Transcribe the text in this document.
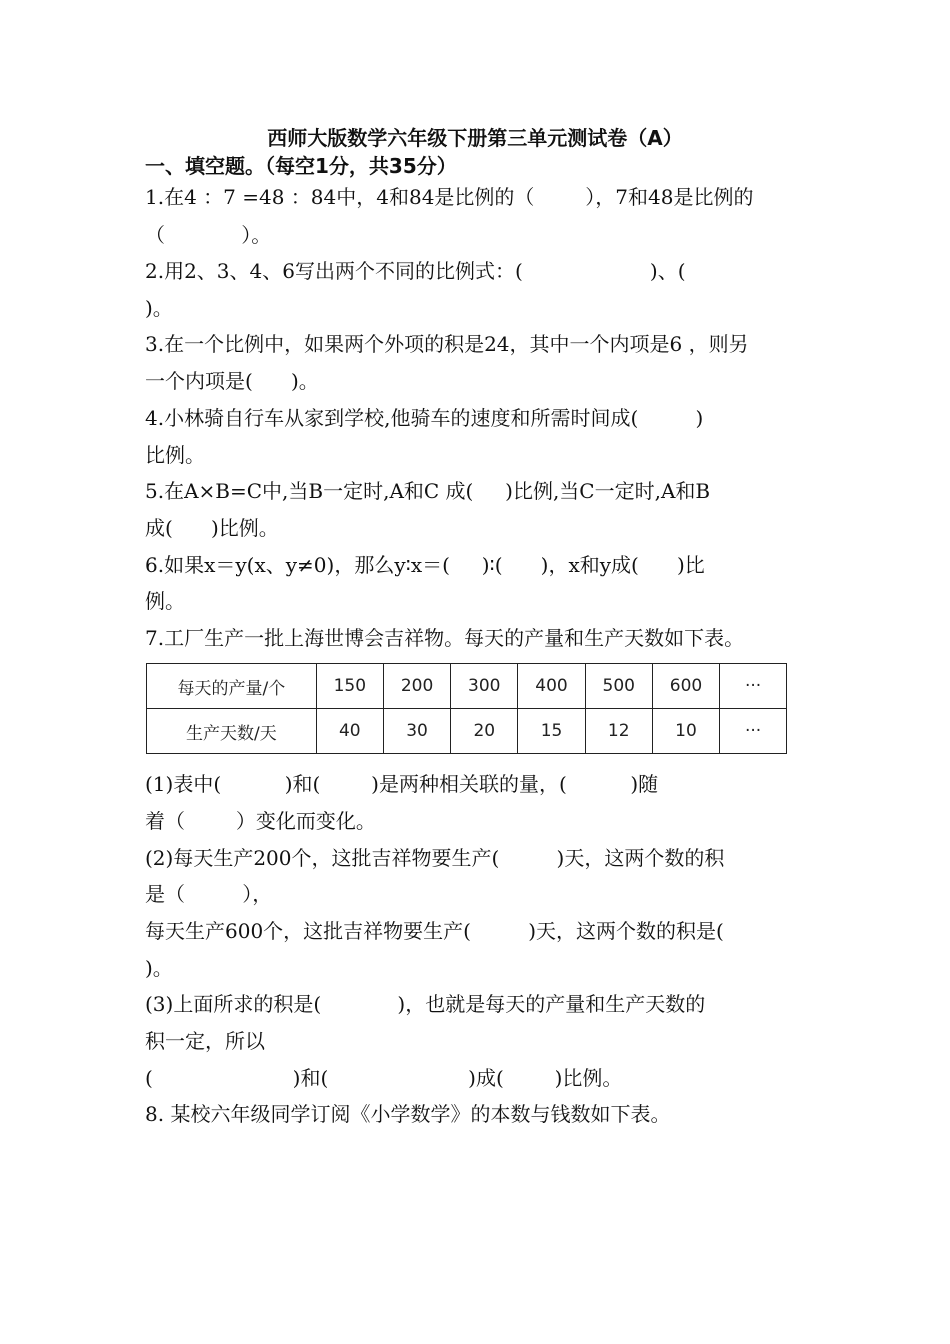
西师大版数学六年级下册第三单元测试卷（A）
一、填空题。（每空1分，共35分）
1.在4 ：7 =48 ：84中，4和84是比例的（        ），7和48是比例的
（            ）。
2.用2、3、4、6写出两个不同的比例式：(                    )、(
)。
3.在一个比例中，如果两个外项的积是24，其中一个内项是6 ，则另
一个内项是(      )。
4.小林骑自行车从家到学校,他骑车的速度和所需时间成(         )
比例。
5.在A×B=C中,当B一定时,A和C 成(     )比例,当C一定时,A和B
成(      )比例。
6.如果x＝y(x、y≠0)，那么y∶x＝(     )∶(      )，x和y成(      )比
例。
7.工厂生产一批上海世博会吉祥物。每天的产量和生产天数如下表。
每天的产量/个	150	200	300	400	500	600	···
生产天数/天	40	30	20	15	12	10	···
(1)表中(          )和(        )是两种相关联的量，(          )随
着（        ）变化而变化。
(2)每天生产200个，这批吉祥物要生产(         )天，这两个数的积
是（         ），
每天生产600个，这批吉祥物要生产(         )天，这两个数的积是(
)。
(3)上面所求的积是(            )，也就是每天的产量和生产天数的
积一定，所以
(                      )和(                      )成(        )比例。
8. 某校六年级同学订阅《小学数学》的本数与钱数如下表。
